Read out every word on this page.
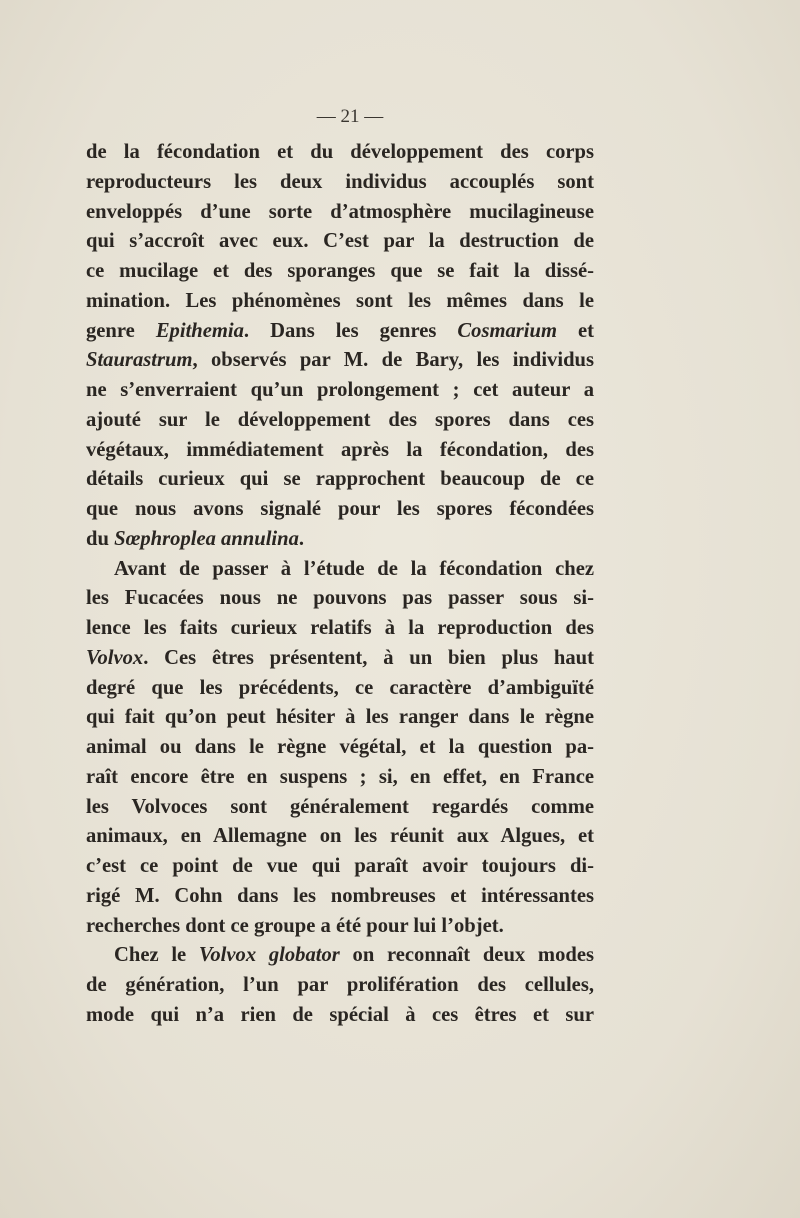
— 21 —
de la fécondation et du développement des corps
reproducteurs les deux individus accouplés sont
enveloppés d’une sorte d’atmosphère mucilagineuse
qui s’accroît avec eux. C’est par la destruction de
ce mucilage et des sporanges que se fait la dissé-
mination. Les phénomènes sont les mêmes dans le
genre Epithemia. Dans les genres Cosmarium et
Staurastrum, observés par M. de Bary, les individus
ne s’enverraient qu’un prolongement ; cet auteur a
ajouté sur le développement des spores dans ces
végétaux, immédiatement après la fécondation, des
détails curieux qui se rapprochent beaucoup de ce
que nous avons signalé pour les spores fécondées
du Sœphroplea annulina.
Avant de passer à l’étude de la fécondation chez
les Fucacées nous ne pouvons pas passer sous si-
lence les faits curieux relatifs à la reproduction des
Volvox. Ces êtres présentent, à un bien plus haut
degré que les précédents, ce caractère d’ambiguïté
qui fait qu’on peut hésiter à les ranger dans le règne
animal ou dans le règne végétal, et la question pa-
raît encore être en suspens ; si, en effet, en France
les Volvoces sont généralement regardés comme
animaux, en Allemagne on les réunit aux Algues, et
c’est ce point de vue qui paraît avoir toujours di-
rigé M. Cohn dans les nombreuses et intéressantes
recherches dont ce groupe a été pour lui l’objet.
Chez le Volvox globator on reconnaît deux modes
de génération, l’un par prolifération des cellules,
mode qui n’a rien de spécial à ces êtres et sur
